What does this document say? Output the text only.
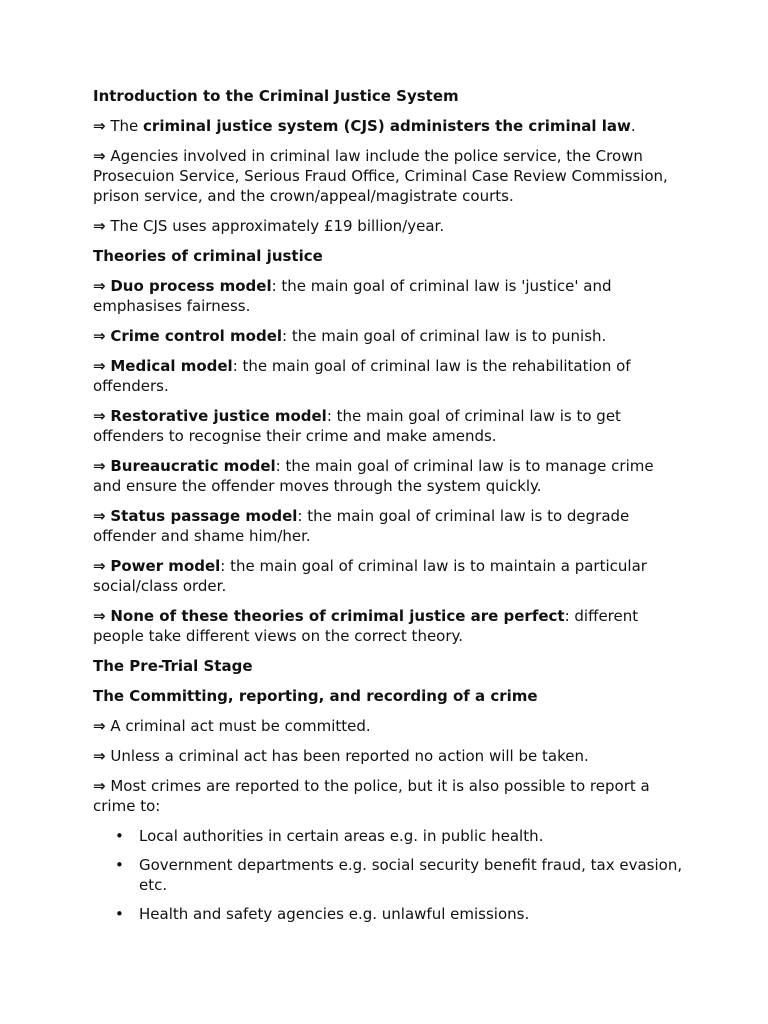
Introduction to the Criminal Justice System
⇒ The criminal justice system (CJS) administers the criminal law.
⇒ Agencies involved in criminal law include the police service, the Crown Prosecuion Service, Serious Fraud Office, Criminal Case Review Commission, prison service, and the crown/appeal/magistrate courts.
⇒ The CJS uses approximately £19 billion/year.
Theories of criminal justice
⇒ Duo process model: the main goal of criminal law is 'justice' and emphasises fairness.
⇒ Crime control model: the main goal of criminal law is to punish.
⇒ Medical model: the main goal of criminal law is the rehabilitation of offenders.
⇒ Restorative justice model: the main goal of criminal law is to get offenders to recognise their crime and make amends.
⇒ Bureaucratic model: the main goal of criminal law is to manage crime and ensure the offender moves through the system quickly.
⇒ Status passage model: the main goal of criminal law is to degrade offender and shame him/her.
⇒ Power model: the main goal of criminal law is to maintain a particular social/class order.
⇒ None of these theories of crimimal justice are perfect: different people take different views on the correct theory.
The Pre-Trial Stage
The Committing, reporting, and recording of a crime
⇒ A criminal act must be committed.
⇒ Unless a criminal act has been reported no action will be taken.
⇒ Most crimes are reported to the police, but it is also possible to report a crime to:
• Local authorities in certain areas e.g. in public health.
• Government departments e.g. social security benefit fraud, tax evasion, etc.
• Health and safety agencies e.g. unlawful emissions.
